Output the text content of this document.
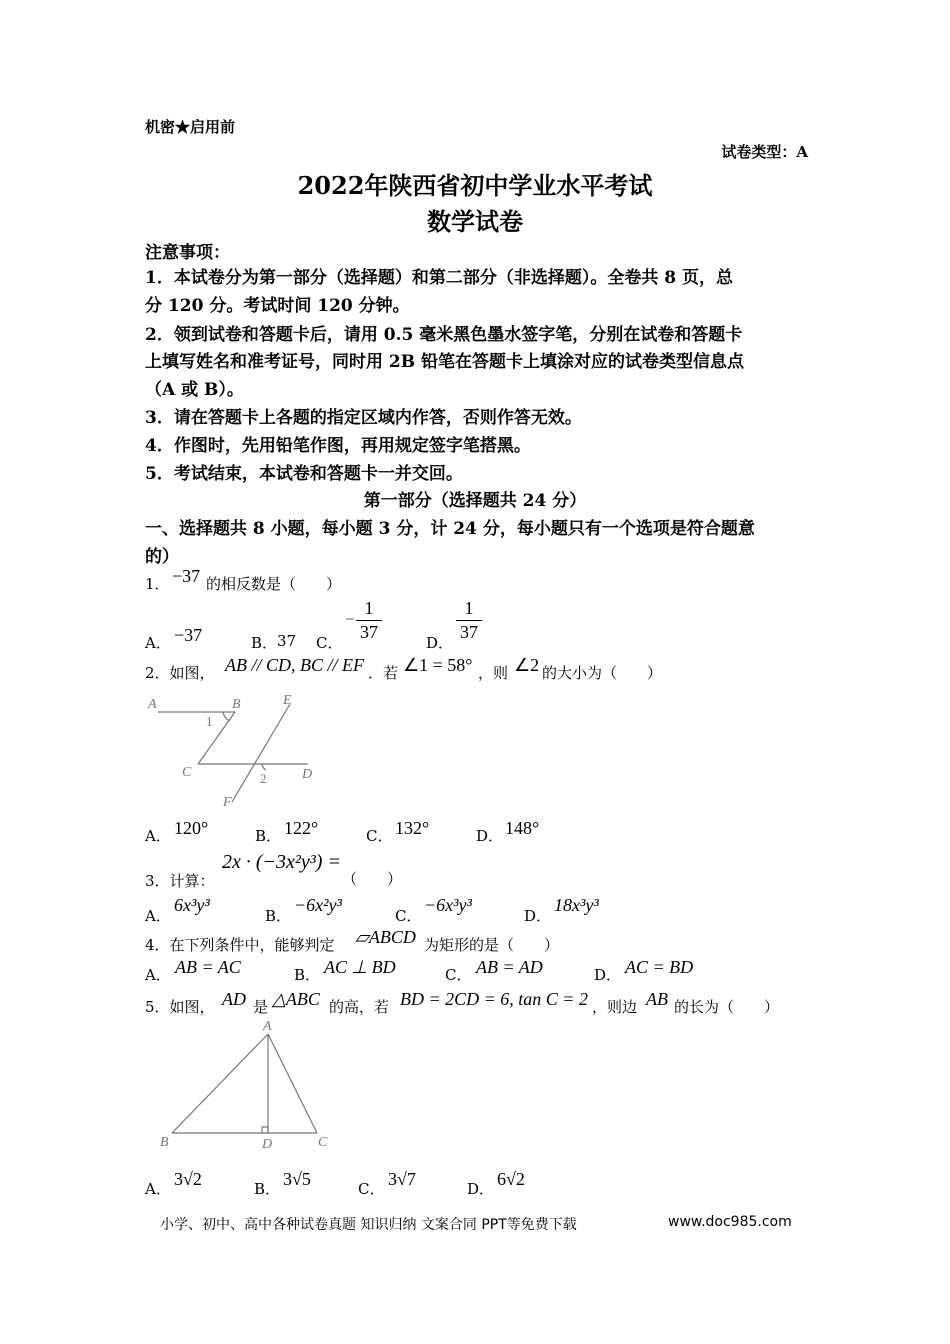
机密★启用前
试卷类型：A
2022年陕西省初中学业水平考试
数学试卷
注意事项：
1．本试卷分为第一部分（选择题）和第二部分（非选择题）。全卷共 8 页，总
分 120 分。考试时间 120 分钟。
2．领到试卷和答题卡后，请用 0.5 毫米黑色墨水签字笔，分别在试卷和答题卡
上填写姓名和准考证号，同时用 2B 铅笔在答题卡上填涂对应的试卷类型信息点
（A 或 B）。
3．请在答题卡上各题的指定区域内作答，否则作答无效。
4．作图时，先用铅笔作图，再用规定签字笔搭黑。
5．考试结束，本试卷和答题卡一并交回。
第一部分（选择题共 24 分）
一、选择题共 8 小题，每小题 3 分，计 24 分，每小题只有一个选项是符合题意
的）
1． −37 的相反数是（　　）
A． −37	B． 37 C．
−
1
37
D．
1
37
2．如图， AB // CD, BC // EF ．若 ∠1 = 58° ，则 ∠2 的大小为（　　）
A	B	E
C	D
F
1
2
A． 120°	B． 122°	C． 132°	D． 148°
3．计算：
2x · (−3x²y³) =
（　　）
A．
6x³y³
B．
−6x²y³
C．
−6x³y³
D．
18x³y³
4．在下列条件中，能够判定 ▱ABCD 为矩形的是（　　）
A． AB = AC	B． AC ⊥ BD	C． AB = AD	D． AC = BD
5．如图， AD 是 △ABC 的高，若 BD = 2CD = 6, tan C = 2 ，则边 AB 的长为（　　）
A
B	D	C
A． 3√2	B． 3√5	C． 3√7	D． 6√2
小学、初中、高中各种试卷真题 知识归纳 文案合同 PPT等免费下载	www.doc985.com
